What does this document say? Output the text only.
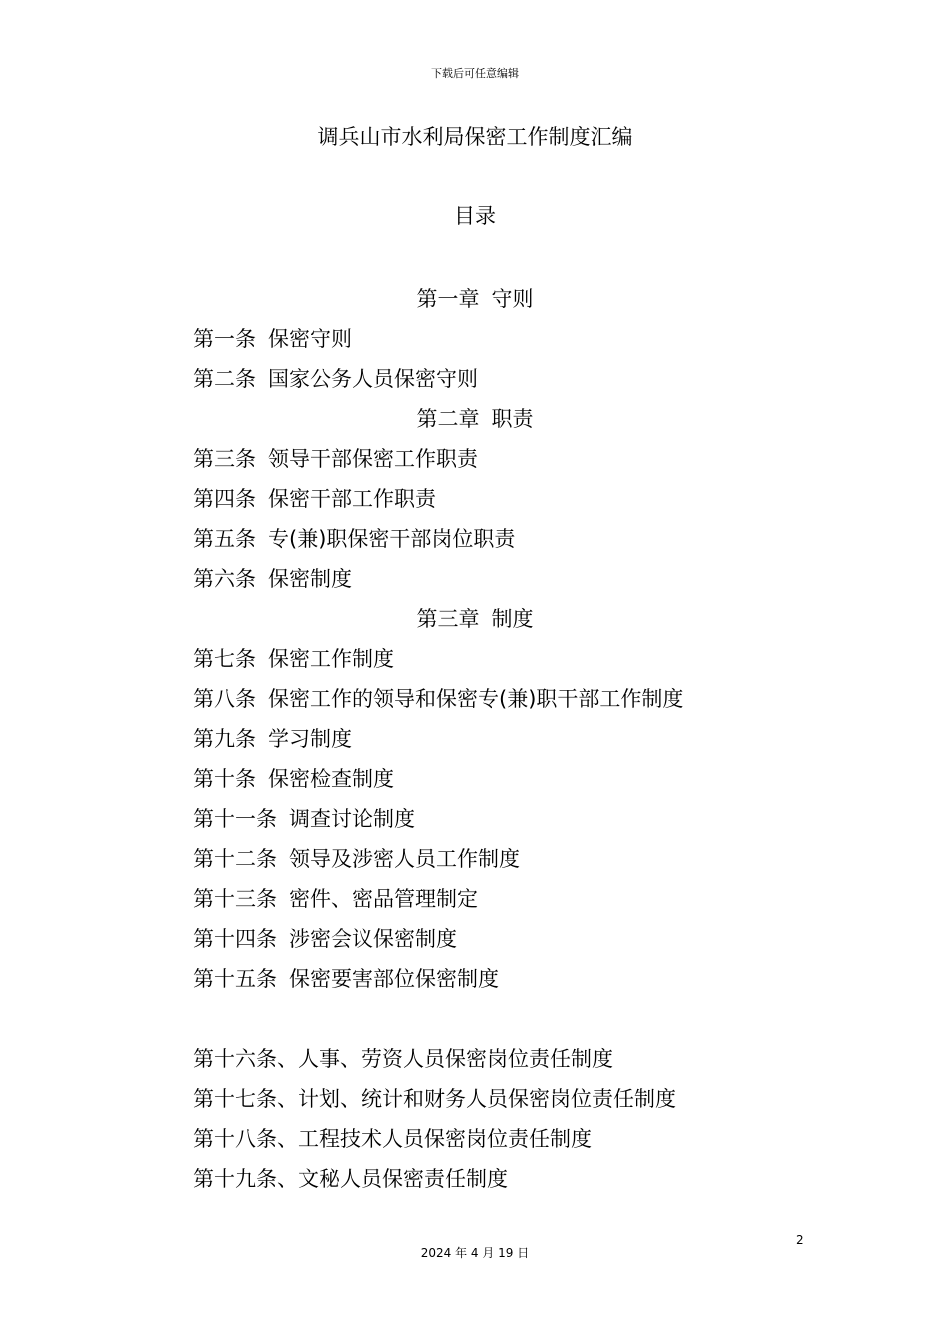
下载后可任意编辑
调兵山市水利局保密工作制度汇编
目录
第一章 守则
第一条 保密守则
第二条 国家公务人员保密守则
第二章 职责
第三条 领导干部保密工作职责
第四条 保密干部工作职责
第五条 专(兼)职保密干部岗位职责
第六条 保密制度
第三章 制度
第七条 保密工作制度
第八条 保密工作的领导和保密专(兼)职干部工作制度
第九条 学习制度
第十条 保密检查制度
第十一条 调查讨论制度
第十二条 领导及涉密人员工作制度
第十三条 密件、密品管理制定
第十四条 涉密会议保密制度
第十五条 保密要害部位保密制度
第十六条、人事、劳资人员保密岗位责任制度
第十七条、计划、统计和财务人员保密岗位责任制度
第十八条、工程技术人员保密岗位责任制度
第十九条、文秘人员保密责任制度
2
2024 年 4 月 19 日
